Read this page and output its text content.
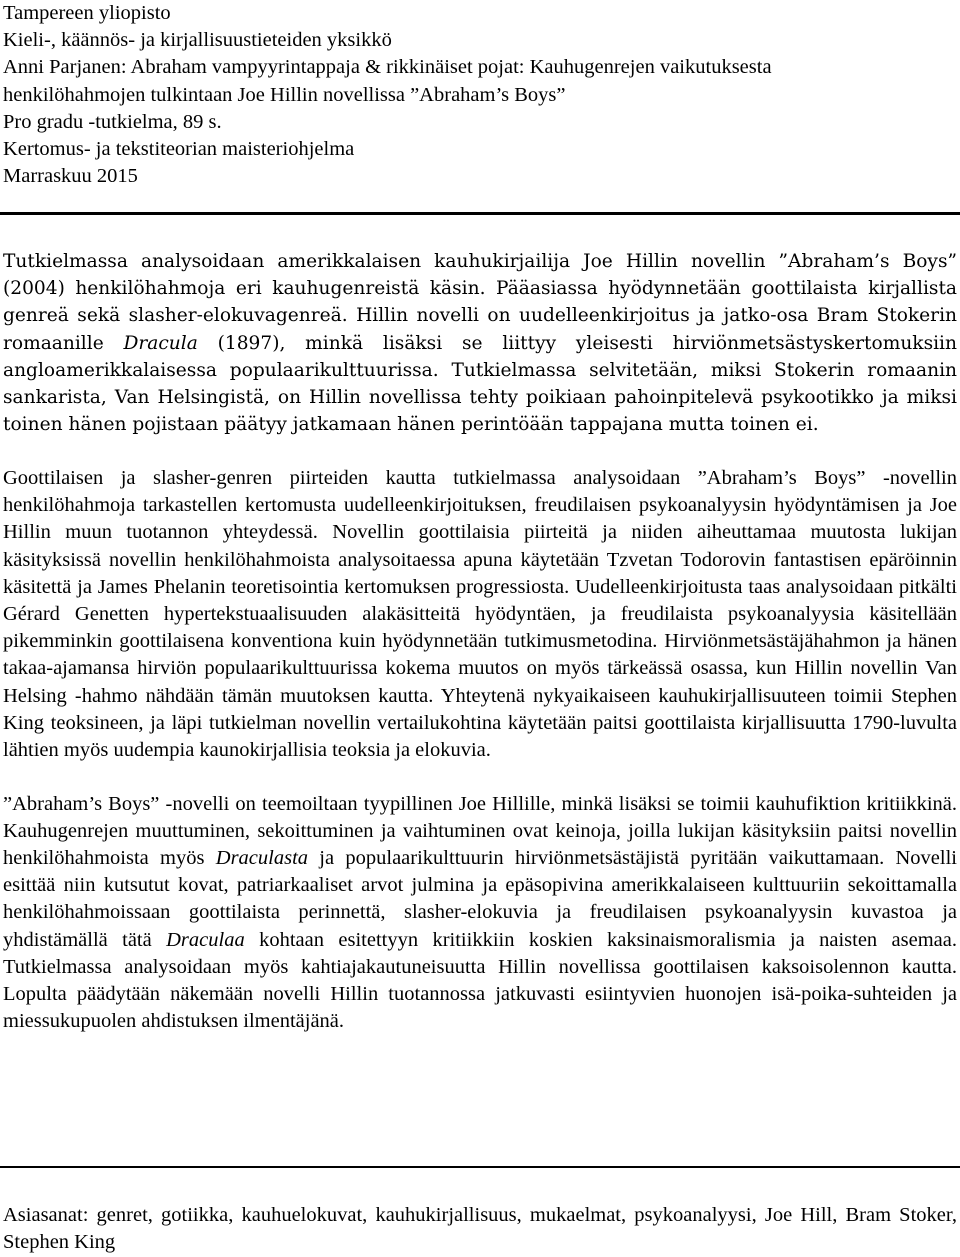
Tampereen yliopisto
Kieli-, käännös- ja kirjallisuustieteiden yksikkö
Anni Parjanen: Abraham vampyyrintappaja & rikkinäiset pojat: Kauhugenrejen vaikutuksesta
henkilöhahmojen tulkintaan Joe Hillin novellissa ”Abraham’s Boys”
Pro gradu -tutkielma, 89 s.
Kertomus- ja tekstiteorian maisteriohjelma
Marraskuu 2015

Tutkielmassa analysoidaan amerikkalaisen kauhukirjailija Joe Hillin novellin ”Abraham’s Boys” (2004) henkilöhahmoja eri kauhugenreistä käsin. Pääasiassa hyödynnetään goottilaista kirjallista genreä sekä slasher-elokuvagenreä. Hillin novelli on uudelleenkirjoitus ja jatko-osa Bram Stokerin romaanille Dracula (1897), minkä lisäksi se liittyy yleisesti hirviönmetsästyskertomuksiin angloamerikkalaisessa populaarikulttuurissa. Tutkielmassa selvitetään, miksi Stokerin romaanin sankarista, Van Helsingistä, on Hillin novellissa tehty poikiaan pahoinpitelevä psykootikko ja miksi toinen hänen pojistaan päätyy jatkamaan hänen perintöään tappajana mutta toinen ei.

Goottilaisen ja slasher-genren piirteiden kautta tutkielmassa analysoidaan ”Abraham’s Boys” -novellin henkilöhahmoja tarkastellen kertomusta uudelleenkirjoituksen, freudilaisen psykoanalyysin hyödyntämisen ja Joe Hillin muun tuotannon yhteydessä. Novellin goottilaisia piirteitä ja niiden aiheuttamaa muutosta lukijan käsityksissä novellin henkilöhahmoista analysoitaessa apuna käytetään Tzvetan Todorovin fantastisen epäröinnin käsitettä ja James Phelanin teoretisointia kertomuksen progressiosta. Uudelleenkirjoitusta taas analysoidaan pitkälti Gérard Genetten hypertekstuaalisuuden alakäsitteitä hyödyntäen, ja freudilaista psykoanalyysia käsitellään pikemminkin goottilaisena konventiona kuin hyödynnetään tutkimusmetodina. Hirviönmetsästäjähahmon ja hänen takaa-ajamansa hirviön populaarikulttuurissa kokema muutos on myös tärkeässä osassa, kun Hillin novellin Van Helsing -hahmo nähdään tämän muutoksen kautta. Yhteytenä nykyaikaiseen kauhukirjallisuuteen toimii Stephen King teoksineen, ja läpi tutkielman novellin vertailukohtina käytetään paitsi goottilaista kirjallisuutta 1790-luvulta lähtien myös uudempia kaunokirjallisia teoksia ja elokuvia.

”Abraham’s Boys” -novelli on teemoiltaan tyypillinen Joe Hillille, minkä lisäksi se toimii kauhufiktion kritiikkinä. Kauhugenrejen muuttuminen, sekoittuminen ja vaihtuminen ovat keinoja, joilla lukijan käsityksiin paitsi novellin henkilöhahmoista myös Draculasta ja populaarikulttuurin hirviönmetsästäjistä pyritään vaikuttamaan. Novelli esittää niin kutsutut kovat, patriarkaaliset arvot julmina ja epäsopivina amerikkalaiseen kulttuuriin sekoittamalla henkilöhahmoissaan goottilaista perinnettä, slasher-elokuvia ja freudilaisen psykoanalyysin kuvastoa ja yhdistämällä tätä Draculaa kohtaan esitettyyn kritiikkiin koskien kaksinaismoralismia ja naisten asemaa. Tutkielmassa analysoidaan myös kahtiajakautuneisuutta Hillin novellissa goottilaisen kaksoisolennon kautta. Lopulta päädytään näkemään novelli Hillin tuotannossa jatkuvasti esiintyvien huonojen isä-poika-suhteiden ja miessukupuolen ahdistuksen ilmentäjänä.

Asiasanat: genret, gotiikka, kauhuelokuvat, kauhukirjallisuus, mukaelmat, psykoanalyysi, Joe Hill, Bram Stoker, Stephen King
